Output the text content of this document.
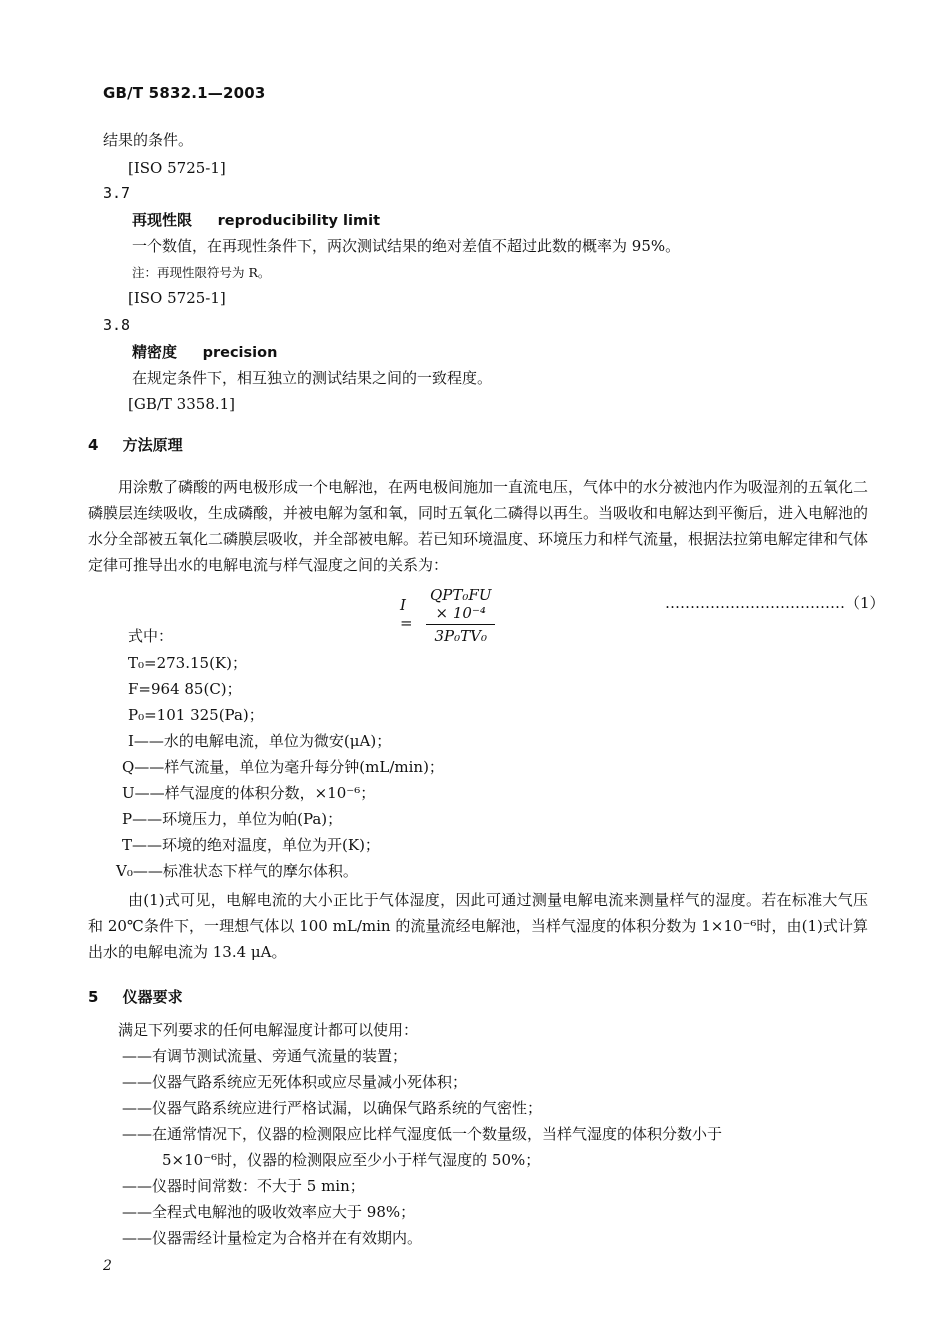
GB/T 5832.1—2003
结果的条件。
[ISO 5725-1]
3.7
再现性限 reproducibility limit
一个数值，在再现性条件下，两次测试结果的绝对差值不超过此数的概率为 95%。
注：再现性限符号为 R。
[ISO 5725-1]
3.8
精密度 precision
在规定条件下，相互独立的测试结果之间的一致程度。
[GB/T 3358.1]
4 方法原理
用涂敷了磷酸的两电极形成一个电解池，在两电极间施加一直流电压，气体中的水分被池内作为吸湿剂的五氧化二磷膜层连续吸收，生成磷酸，并被电解为氢和氧，同时五氧化二磷得以再生。当吸收和电解达到平衡后，进入电解池的水分全部被五氧化二磷膜层吸收，并全部被电解。若已知环境温度、环境压力和样气流量，根据法拉第电解定律和气体定律可推导出水的电解电流与样气湿度之间的关系为：
I =
QPT₀FU × 10⁻⁴
3P₀TV₀
………………………………（1）
式中：
T₀=273.15(K)；
F=964 85(C)；
P₀=101 325(Pa)；
I——水的电解电流，单位为微安(μA)；
Q——样气流量，单位为毫升每分钟(mL/min)；
U——样气湿度的体积分数，×10⁻⁶；
P——环境压力，单位为帕(Pa)；
T——环境的绝对温度，单位为开(K)；
V₀——标准状态下样气的摩尔体积。
由(1)式可见，电解电流的大小正比于气体湿度，因此可通过测量电解电流来测量样气的湿度。若在标准大气压和 20℃条件下，一理想气体以 100 mL/min 的流量流经电解池，当样气湿度的体积分数为 1×10⁻⁶时，由(1)式计算出水的电解电流为 13.4 μA。
5 仪器要求
满足下列要求的任何电解湿度计都可以使用：
——有调节测试流量、旁通气流量的装置；
——仪器气路系统应无死体积或应尽量减小死体积；
——仪器气路系统应进行严格试漏，以确保气路系统的气密性；
——在通常情况下，仪器的检测限应比样气湿度低一个数量级，当样气湿度的体积分数小于
5×10⁻⁶时，仪器的检测限应至少小于样气湿度的 50%；
——仪器时间常数：不大于 5 min；
——全程式电解池的吸收效率应大于 98%；
——仪器需经计量检定为合格并在有效期内。
2
